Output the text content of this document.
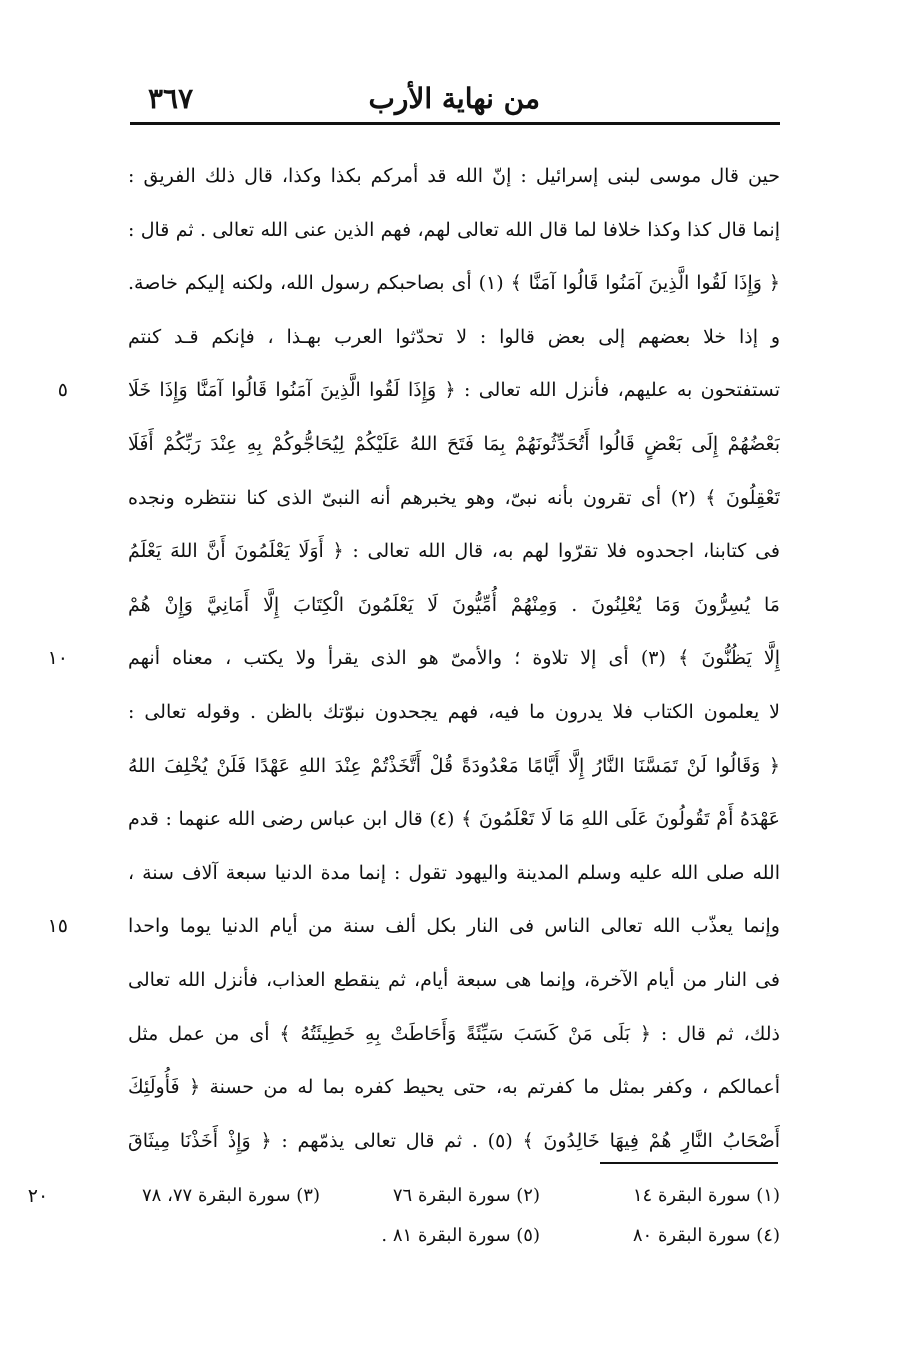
من نهاية الأرب
٣٦٧
حين قال موسى لبنى إسرائيل : إنّ الله قد أمركم بكذا وكذا، قال ذلك الفريق :
إنما قال كذا وكذا خلافا لما قال الله تعالى لهم، فهم الذين عنى الله تعالى . ثم قال :
﴿ وَإِذَا لَقُوا الَّذِينَ آمَنُوا قَالُوا آمَنَّا ﴾ (١) أى بصاحبكم رسول الله، ولكنه إليكم خاصة.
و إذا خلا بعضهم إلى بعض قالوا : لا تحدّثوا العرب بهـذا ، فإنكم قـد كنتم
تستفتحون به عليهم، فأنزل الله تعالى : ﴿ وَإِذَا لَقُوا الَّذِينَ آمَنُوا قَالُوا آمَنَّا وَإِذَا خَلَا
٥
بَعْضُهُمْ إِلَى بَعْضٍ قَالُوا أَتُحَدِّثُونَهُمْ بِمَا فَتَحَ اللهُ عَلَيْكُمْ لِيُحَاجُّوكُمْ بِهِ عِنْدَ رَبِّكُمْ أَفَلَا
تَعْقِلُونَ ﴾ (٢) أى تقرون بأنه نبىّ، وهو يخبرهم أنه النبىّ الذى كنا ننتظره ونجده
فى كتابنا، اجحدوه فلا تقرّوا لهم به، قال الله تعالى : ﴿ أَوَلَا يَعْلَمُونَ أَنَّ اللهَ يَعْلَمُ
مَا يُسِرُّونَ وَمَا يُعْلِنُونَ . وَمِنْهُمْ أُمِّيُّونَ لَا يَعْلَمُونَ الْكِتَابَ إِلَّا أَمَانِيَّ وَإِنْ هُمْ
إِلَّا يَظُنُّونَ ﴾ (٣) أى إلا تلاوة ؛ والأمىّ هو الذى يقرأ ولا يكتب ، معناه أنهم
١٠
لا يعلمون الكتاب فلا يدرون ما فيه، فهم يجحدون نبوّتك بالظن . وقوله تعالى :
﴿ وَقَالُوا لَنْ تَمَسَّنَا النَّارُ إِلَّا أَيَّامًا مَعْدُودَةً قُلْ أَتَّخَذْتُمْ عِنْدَ اللهِ عَهْدًا فَلَنْ يُخْلِفَ اللهُ
عَهْدَهُ أَمْ تَقُولُونَ عَلَى اللهِ مَا لَا تَعْلَمُونَ ﴾ (٤) قال ابن عباس رضى الله عنهما : قدم
الله صلى الله عليه وسلم المدينة واليهود تقول : إنما مدة الدنيا سبعة آلاف سنة ،
وإنما يعذّب الله تعالى الناس فى النار بكل ألف سنة من أيام الدنيا يوما واحدا
١٥
فى النار من أيام الآخرة، وإنما هى سبعة أيام، ثم ينقطع العذاب، فأنزل الله تعالى
ذلك، ثم قال : ﴿ بَلَى مَنْ كَسَبَ سَيِّئَةً وَأَحَاطَتْ بِهِ خَطِيئَتُهُ ﴾ أى من عمل مثل
أعمالكم ، وكفر بمثل ما كفرتم به، حتى يحيط كفره بما له من حسنة ﴿ فَأُولَئِكَ
أَصْحَابُ النَّارِ هُمْ فِيهَا خَالِدُونَ ﴾ (٥) . ثم قال تعالى يذمّهم : ﴿ وَإِذْ أَخَذْنَا مِيثَاقَ
٢٠	(١) سورة البقرة ١٤
(٢) سورة البقرة ٧٦
(٣) سورة البقرة ٧٧، ٧٨
(٤) سورة البقرة ٨٠
(٥) سورة البقرة ٨١ .
